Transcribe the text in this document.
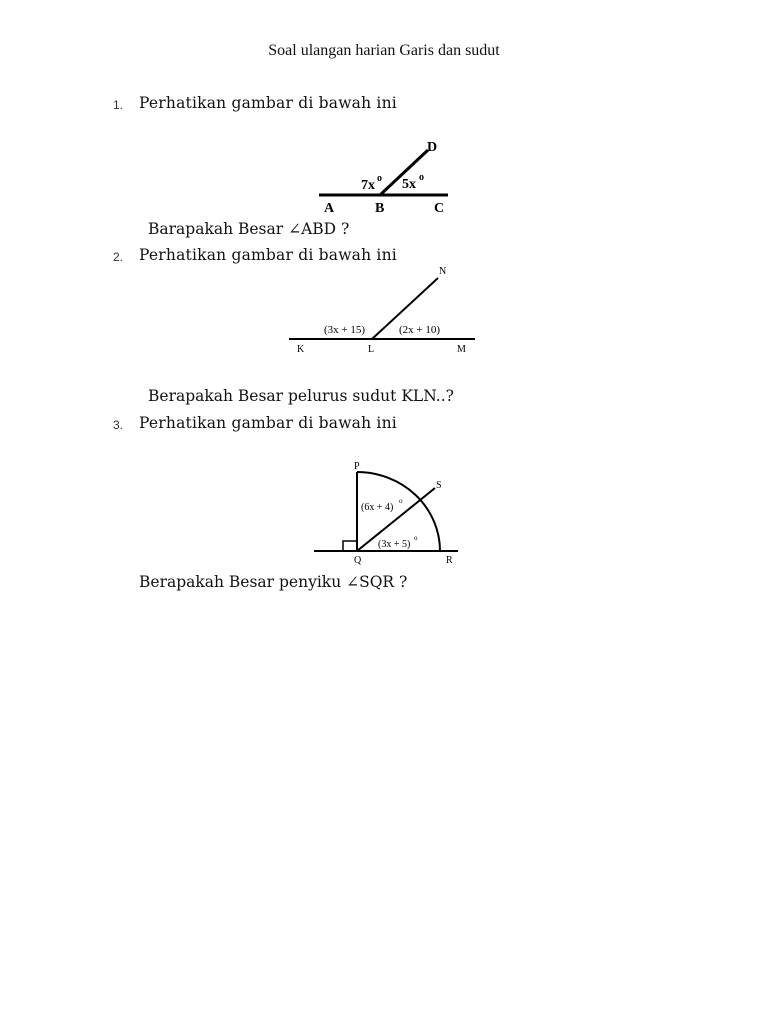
Soal ulangan harian Garis dan sudut
1. Perhatikan gambar di bawah ini
D
7x o 5x o
A	B	C
Barapakah Besar ∠ABD ?
2. Perhatikan gambar di bawah ini
N
(3x + 15)	(2x + 10)
K	L	M
Berapakah Besar pelurus sudut KLN..?
3. Perhatikan gambar di bawah ini
P
S
(6x + 4)
o
(3x + 5)
o
Q	R
Berapakah Besar penyiku ∠SQR ?
